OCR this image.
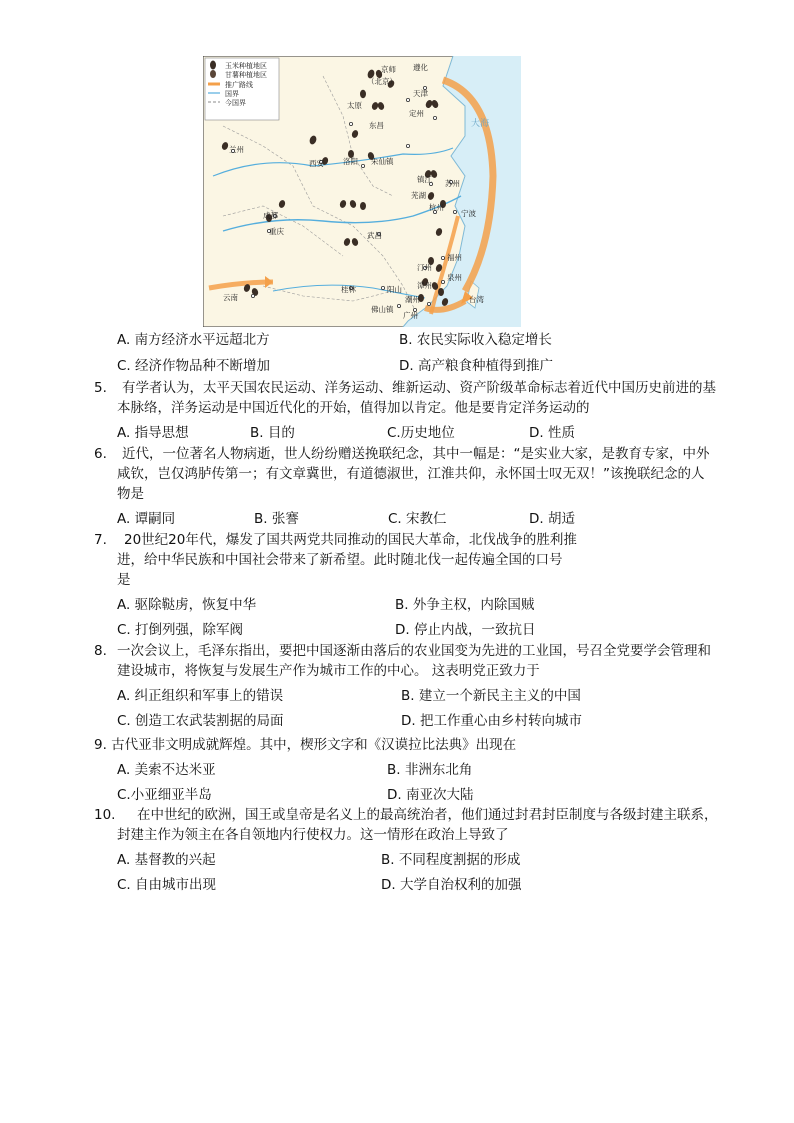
玉米种植地区
甘薯种植地区
推广路线
国界
今国界
京师 遵化
（北京）
天津
太原
定州
东昌
兰州
西安	洛阳 朱仙镇
镇江 苏州
芜湖
杭州
宁波
成都
重庆	武昌
汀州
福州
泉州
漳州
潮州	台湾
桂林	阳山
佛山镇
广州
云南
大海
A. 南方经济水平远超北方	B. 农民实际收入稳定增长
C. 经济作物品种不断增加	D. 高产粮食种植得到推广
5. 有学者认为，太平天国农民运动、洋务运动、维新运动、资产阶级革命标志着近代中国历史前进的基
本脉络，洋务运动是中国近代化的开始，值得加以肯定。他是要肯定洋务运动的
A. 指导思想	B. 目的	C.历史地位	D. 性质
6. 近代，一位著名人物病逝，世人纷纷赠送挽联纪念，其中一幅是：“是实业大家，是教育专家，中外
咸钦，岂仅鸿胪传第一；有文章冀世，有道德淑世，江淮共仰，永怀国士叹无双！”该挽联纪念的人
物是
A. 谭嗣同	B. 张謇	C. 宋教仁	D. 胡适
7. 20世纪20年代，爆发了国共两党共同推动的国民大革命，北伐战争的胜利推
进，给中华民族和中国社会带来了新希望。此时随北伐一起传遍全国的口号
是
A. 驱除鞑虏，恢复中华	B. 外争主权，内除国贼
C. 打倒列强，除军阀	D. 停止内战，一致抗日
8. 一次会议上，毛泽东指出，要把中国逐渐由落后的农业国变为先进的工业国，号召全党要学会管理和
建设城市，将恢复与发展生产作为城市工作的中心。 这表明党正致力于
A. 纠正组织和军事上的错误	B. 建立一个新民主主义的中国
C. 创造工农武装割据的局面	D. 把工作重心由乡村转向城市
9. 古代亚非文明成就辉煌。其中，楔形文字和《汉谟拉比法典》出现在
A. 美索不达米亚	B. 非洲东北角
C.小亚细亚半岛	D. 南亚次大陆
10. 在中世纪的欧洲，国王或皇帝是名义上的最高统治者，他们通过封君封臣制度与各级封建主联系，
封建主作为领主在各自领地内行使权力。这一情形在政治上导致了
A. 基督教的兴起	B. 不同程度割据的形成
C. 自由城市出现	D. 大学自治权利的加强
